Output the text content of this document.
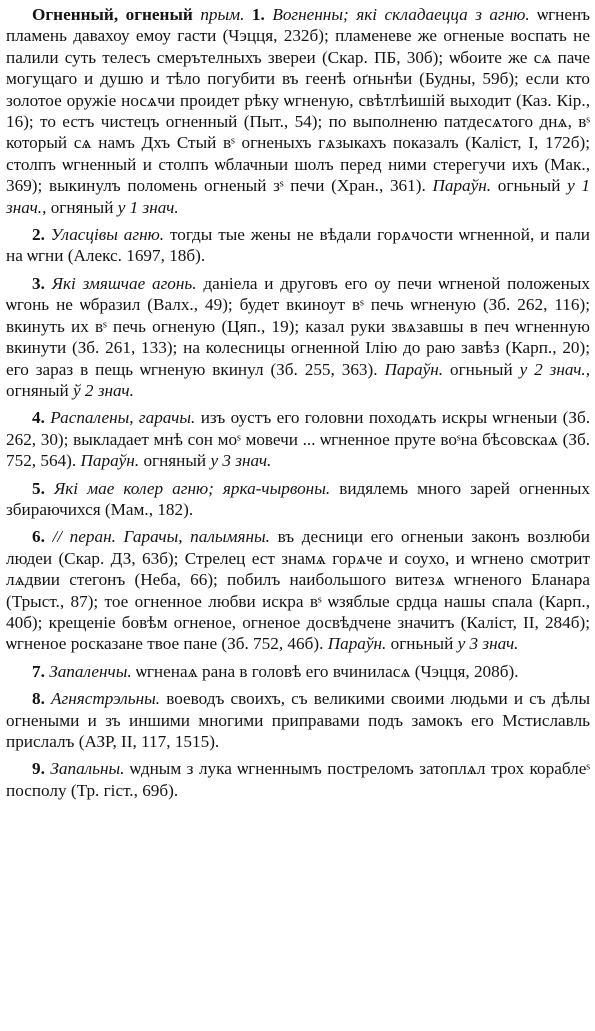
Огненный, огненый прым. 1. Вогненны; які складаецца з агню. ѡгненъ пламень давахоу емоу гасти (Чэцця, 232б); пламеневе же огненые воспать не палили суть телесъ смерътелныхъ звереи (Скар. ПБ, 30б); ѡбоите же сѧ паче могущаго и душю и тѣло погубити въ геенѣ оґньнѣи (Будны, 59б); если кто золотое оружіе носѧчи проидет рѣку ѡгненую, свѣтлѣишій выходит (Каз. Кір., 16); то естъ чистецъ огненный (Пыт., 54); по выполненю патдесѧтого днѧ, вˢ который сѧ намъ Дхъ Стый вˢ огненыхъ гѧзыкахъ показалъ (Каліст, I, 172б); столпъ ѡгненный и столпъ ѡблачныи шолъ перед ними стерегучи ихъ (Мак., 369); выкинулъ поломень огненый зˢ печи (Хран., 361). Параўн. огньный у 1 знач., огняный у 1 знач.

2. Уласцівы агню. тогды тые жены не вѣдали горѧчости ѡгненной, и пали на ѡгни (Алекс. 1697, 18б).

3. Які змяшчае агонь. даніела и друговъ его оу печи ѡгненой положеных ѡгонь не ѡбразил (Валх., 49); будет вкиноут вˢ печь ѡгненую (Зб. 262, 116); вкинуть их вˢ печь огненую (Цяп., 19); казал руки звѧзавшы в печ ѡгненную вкинути (Зб. 261, 133); на колесницы огненной Ілію до раю завѣз (Карп., 20); его зараз в пещь ѡгненую вкинул (Зб. 255, 363). Параўн. огньный у 2 знач., огняный ў 2 знач.

4. Распалены, гарачы. изъ оустъ его головни походѧть искры ѡгненыи (Зб. 262, 30); выкладает мнѣ сон моˢ мовечи ... ѡгненное пруте воˢна бѣсовскаѧ (Зб. 752, 564). Параўн. огняный у 3 знач.

5. Які мае колер агню; ярка-чырвоны. видялемь много зарей огненных збираючихся (Мам., 182).

6. // перан. Гарачы, палымяны. въ десници его огненыи законъ возлюби людеи (Скар. ДЗ, 63б); Стрелец ест знамѧ горѧче и соухо, и ѡгнено смотрит лѧдвии стегонъ (Неба, 66); побилъ наибольшого витезѧ ѡгненого Бланара (Трыст., 87); тое огненное любви искра вˢ ѡзяблые срдца нашы спала (Карп., 40б); крещеніе бовѣм огненое, огненое досвѣдчене значитъ (Каліст, II, 284б); ѡгненое росказане твое пане (Зб. 752, 46б). Параўн. огньный у 3 знач.

7. Запаленчы. ѡгненаѧ рана в головѣ его вчиниласѧ (Чэцця, 208б).

8. Агнястрэльны. воеводъ своихъ, съ великими своими людьми и съ дѣлы огнеными и зъ иншими многими приправами подъ замокъ его Мстиславль прислалъ (АЗР, II, 117, 1515).

9. Запальны. ѡдным з лука ѡгненнымъ постреломъ затоплѧл трох кораблеˢ посполу (Тр. гіст., 69б).
